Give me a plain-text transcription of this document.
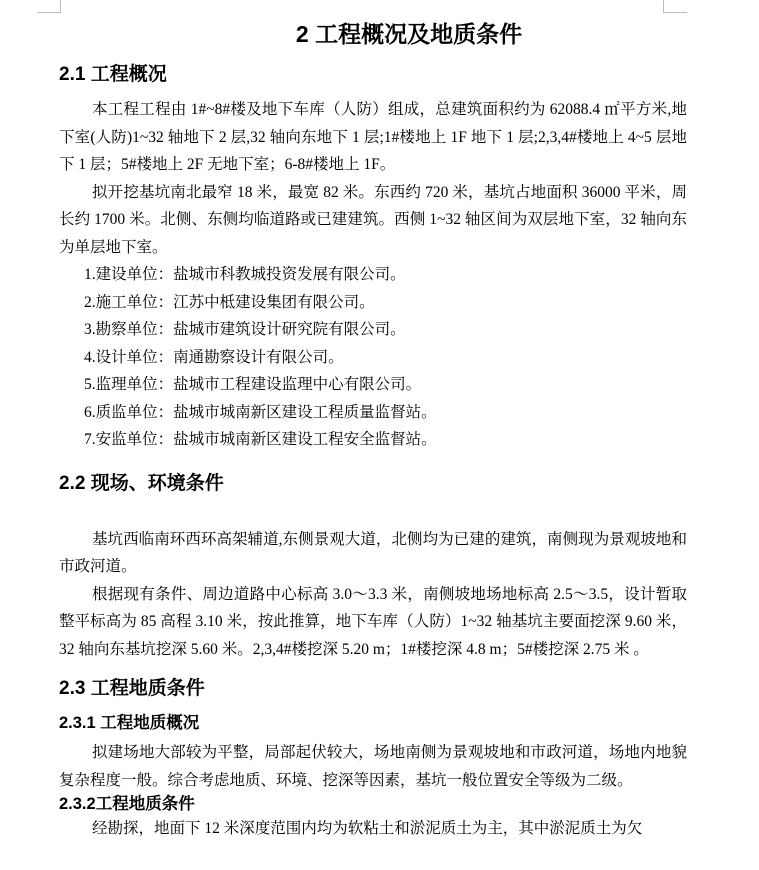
2 工程概况及地质条件
2.1 工程概况

本工程工程由 1#~8#楼及地下车库（人防）组成，总建筑面积约为 62088.4 ㎡平方米,地下室(人防)1~32 轴地下 2 层,32 轴向东地下 1 层;1#楼地上 1F 地下 1 层;2,3,4#楼地上 4~5 层地下 1 层；5#楼地上 2F 无地下室；6-8#楼地上 1F。

拟开挖基坑南北最窄 18 米，最宽 82 米。东西约 720 米，基坑占地面积 36000 平米，周长约 1700 米。北侧、东侧均临道路或已建建筑。西侧 1~32 轴区间为双层地下室，32 轴向东为单层地下室。

1.建设单位：盐城市科教城投资发展有限公司。
2.施工单位：江苏中柢建设集团有限公司。
3.勘察单位：盐城市建筑设计研究院有限公司。
4.设计单位：南通勘察设计有限公司。
5.监理单位：盐城市工程建设监理中心有限公司。
6.质监单位：盐城市城南新区建设工程质量监督站。
7.安监单位：盐城市城南新区建设工程安全监督站。
2.2 现场、环境条件

基坑西临南环西环高架辅道,东侧景观大道，北侧均为已建的建筑，南侧现为景观坡地和市政河道。

根据现有条件、周边道路中心标高 3.0～3.3 米，南侧坡地场地标高 2.5～3.5，设计暂取整平标高为 85 高程 3.10 米，按此推算，地下车库（人防）1~32 轴基坑主要面挖深 9.60 米，32 轴向东基坑挖深 5.60 米。2,3,4#楼挖深 5.20 m；1#楼挖深 4.8 m；5#楼挖深 2.75 米 。

2.3 工程地质条件
2.3.1 工程地质概况

拟建场地大部较为平整，局部起伏较大，场地南侧为景观坡地和市政河道，场地内地貌复杂程度一般。综合考虑地质、环境、挖深等因素，基坑一般位置安全等级为二级。

2.3.2工程地质条件

经勘探，地面下 12 米深度范围内均为软粘土和淤泥质土为主，其中淤泥质土为欠
